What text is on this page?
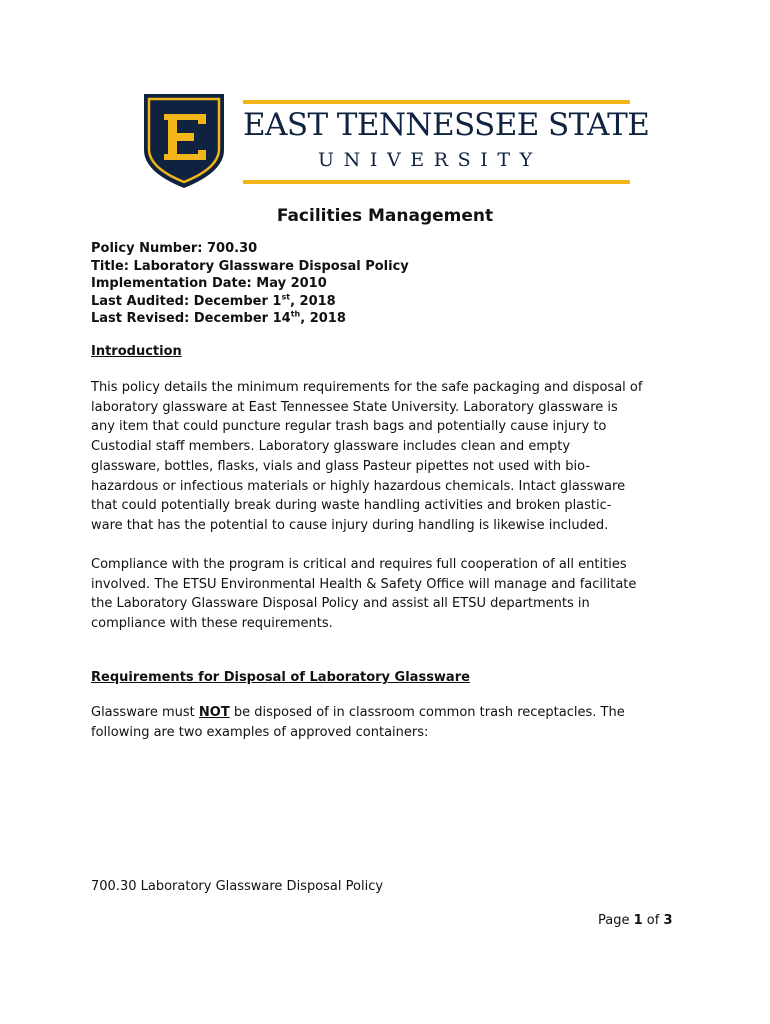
EAST TENNESSEE STATE
UNIVERSITY
Facilities Management
Policy Number: 700.30
Title: Laboratory Glassware Disposal Policy
Implementation Date: May 2010
Last Audited: December 1st, 2018
Last Revised: December 14th, 2018
Introduction
This policy details the minimum requirements for the safe packaging and disposal of
laboratory glassware at East Tennessee State University. Laboratory glassware is
any item that could puncture regular trash bags and potentially cause injury to
Custodial staff members. Laboratory glassware includes clean and empty
glassware, bottles, flasks, vials and glass Pasteur pipettes not used with bio-
hazardous or infectious materials or highly hazardous chemicals. Intact glassware
that could potentially break during waste handling activities and broken plastic-
ware that has the potential to cause injury during handling is likewise included.
Compliance with the program is critical and requires full cooperation of all entities
involved. The ETSU Environmental Health & Safety Office will manage and facilitate
the Laboratory Glassware Disposal Policy and assist all ETSU departments in
compliance with these requirements.
Requirements for Disposal of Laboratory Glassware
Glassware must NOT be disposed of in classroom common trash receptacles. The
following are two examples of approved containers:
700.30 Laboratory Glassware Disposal Policy
Page 1 of 3
